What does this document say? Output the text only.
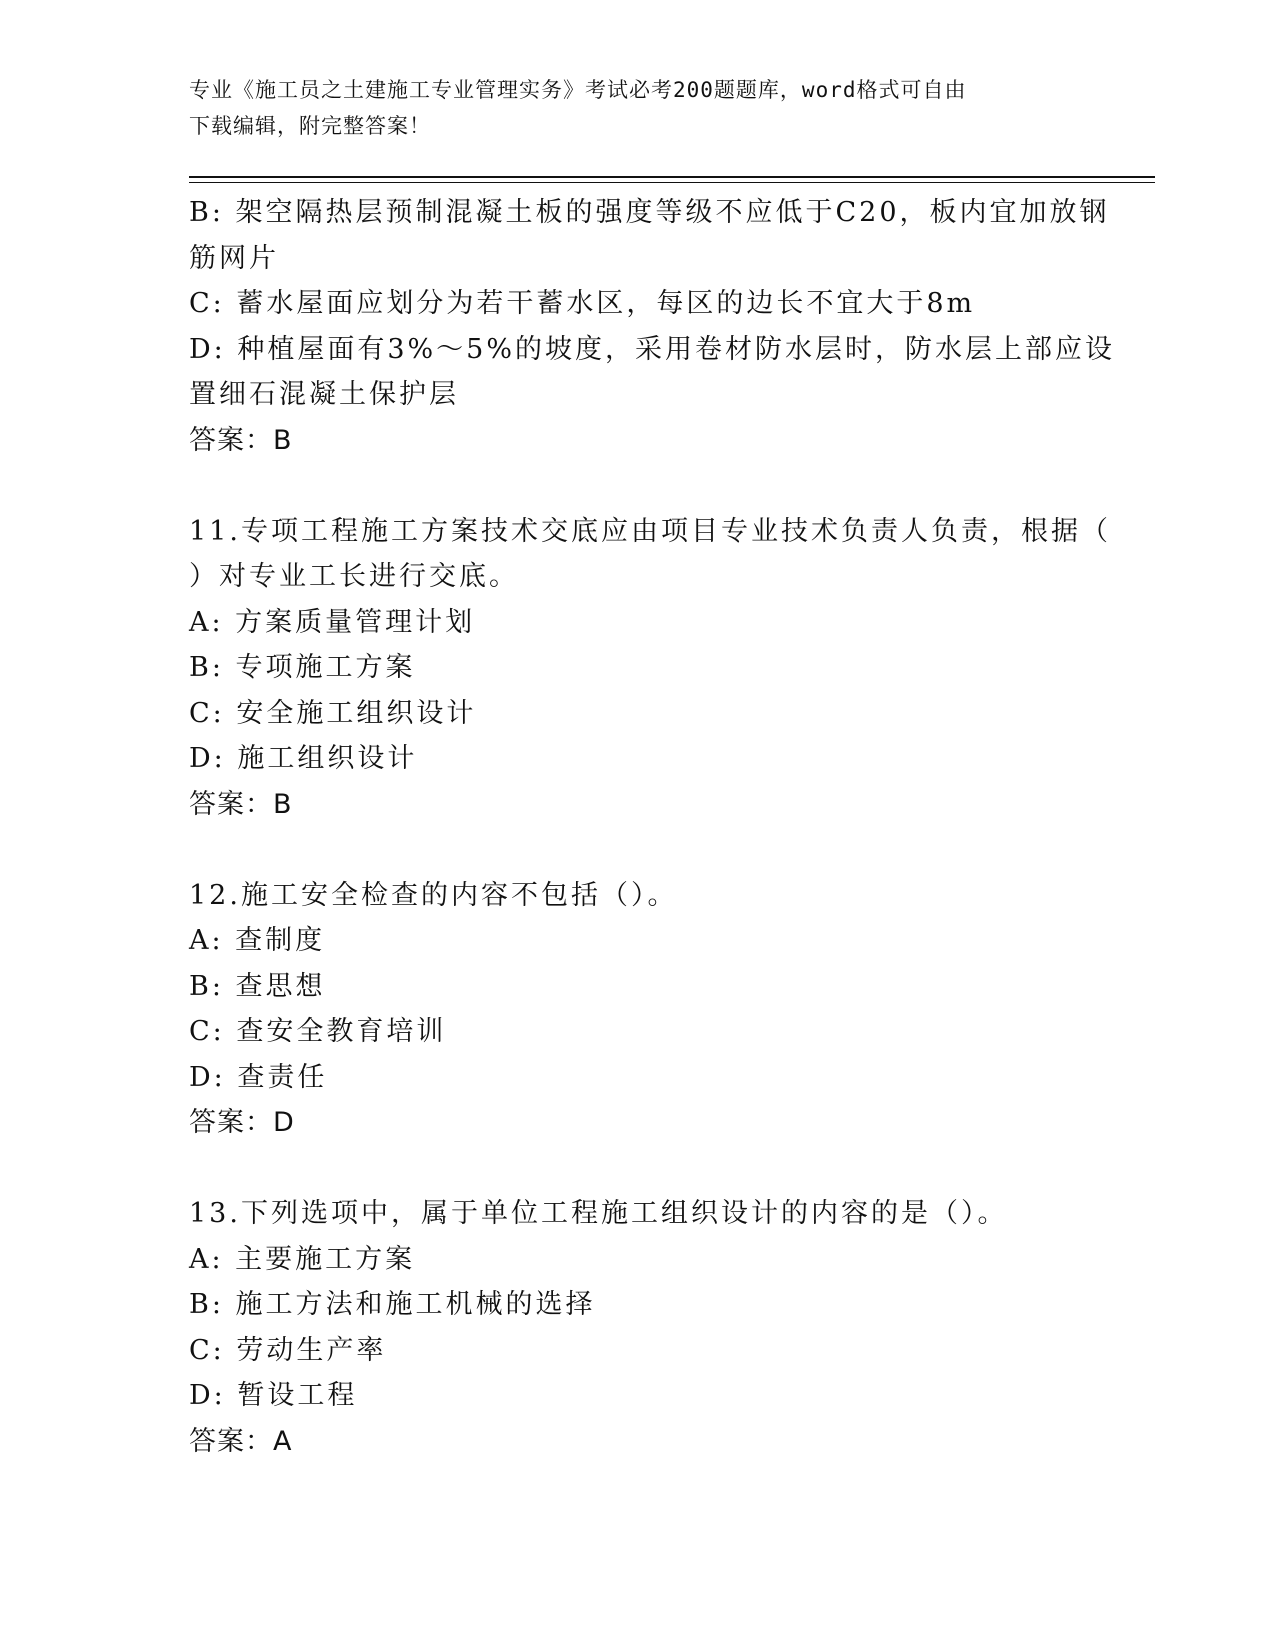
专业《施工员之土建施工专业管理实务》考试必考200题题库，word格式可自由
下载编辑，附完整答案！
B: 架空隔热层预制混凝土板的强度等级不应低于C20，板内宜加放钢
筋网片
C: 蓄水屋面应划分为若干蓄水区，每区的边长不宜大于8m
D: 种植屋面有3%～5%的坡度，采用卷材防水层时，防水层上部应设
置细石混凝土保护层
答案：B
11.专项工程施工方案技术交底应由项目专业技术负责人负责，根据（
）对专业工长进行交底。
A: 方案质量管理计划
B: 专项施工方案
C: 安全施工组织设计
D: 施工组织设计
答案：B
12.施工安全检查的内容不包括（）。
A: 查制度
B: 查思想
C: 查安全教育培训
D: 查责任
答案：D
13.下列选项中，属于单位工程施工组织设计的内容的是（）。
A: 主要施工方案
B: 施工方法和施工机械的选择
C: 劳动生产率
D: 暂设工程
答案：A
